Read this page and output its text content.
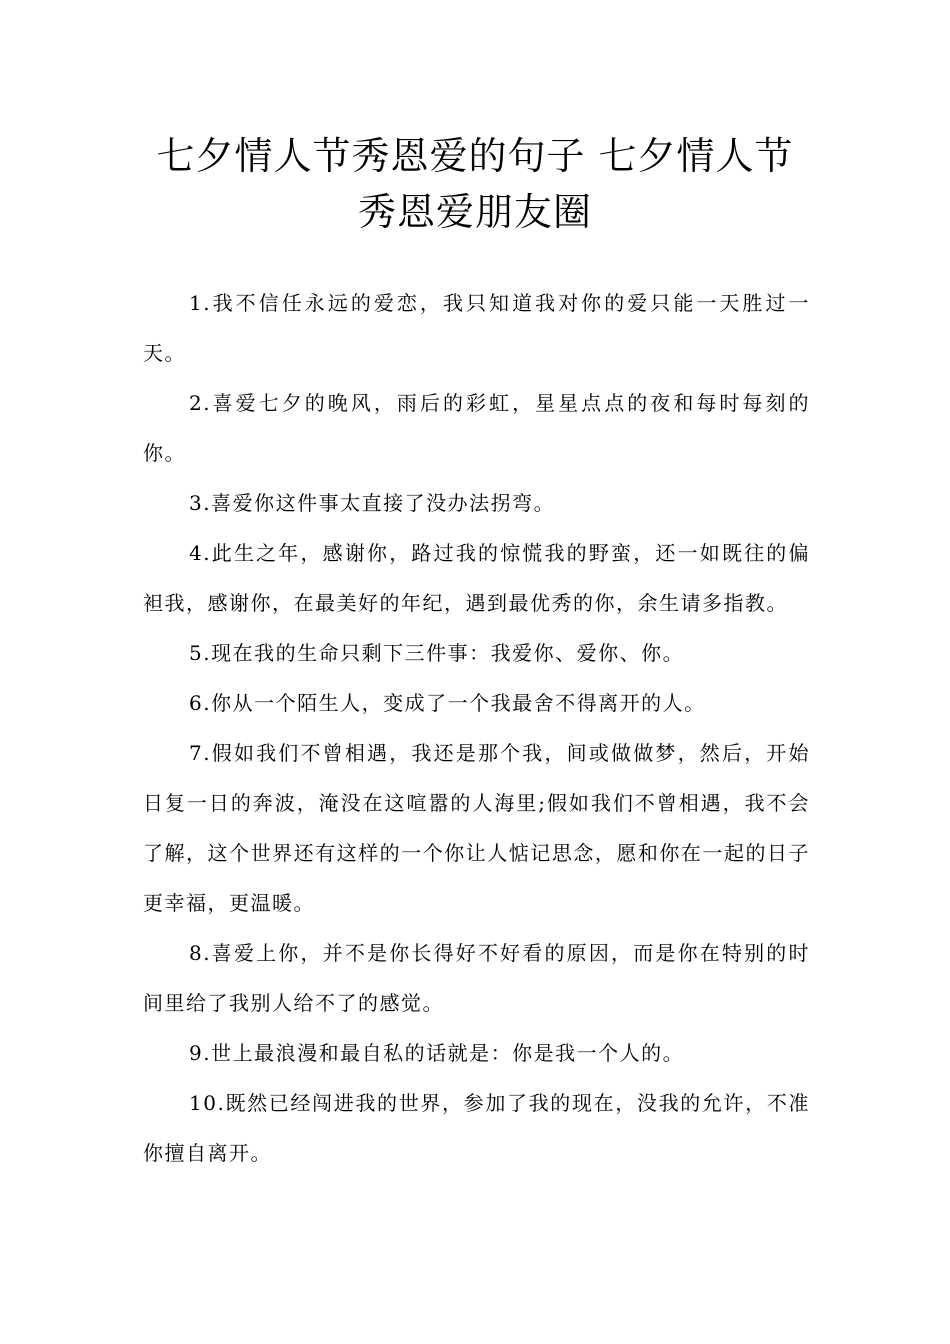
七夕情人节秀恩爱的句子 七夕情人节
秀恩爱朋友圈

1.我不信任永远的爱恋，我只知道我对你的爱只能一天胜过一天。

2.喜爱七夕的晚风，雨后的彩虹，星星点点的夜和每时每刻的你。

3.喜爱你这件事太直接了没办法拐弯。

4.此生之年，感谢你，路过我的惊慌我的野蛮，还一如既往的偏袒我，感谢你，在最美好的年纪，遇到最优秀的你，余生请多指教。

5.现在我的生命只剩下三件事：我爱你、爱你、你。

6.你从一个陌生人，变成了一个我最舍不得离开的人。

7.假如我们不曾相遇，我还是那个我，间或做做梦，然后，开始日复一日的奔波，淹没在这喧嚣的人海里;假如我们不曾相遇，我不会了解，这个世界还有这样的一个你让人惦记思念，愿和你在一起的日子更幸福，更温暖。

8.喜爱上你，并不是你长得好不好看的原因，而是你在特别的时间里给了我别人给不了的感觉。

9.世上最浪漫和最自私的话就是：你是我一个人的。

10.既然已经闯进我的世界，参加了我的现在，没我的允许，不准你擅自离开。
